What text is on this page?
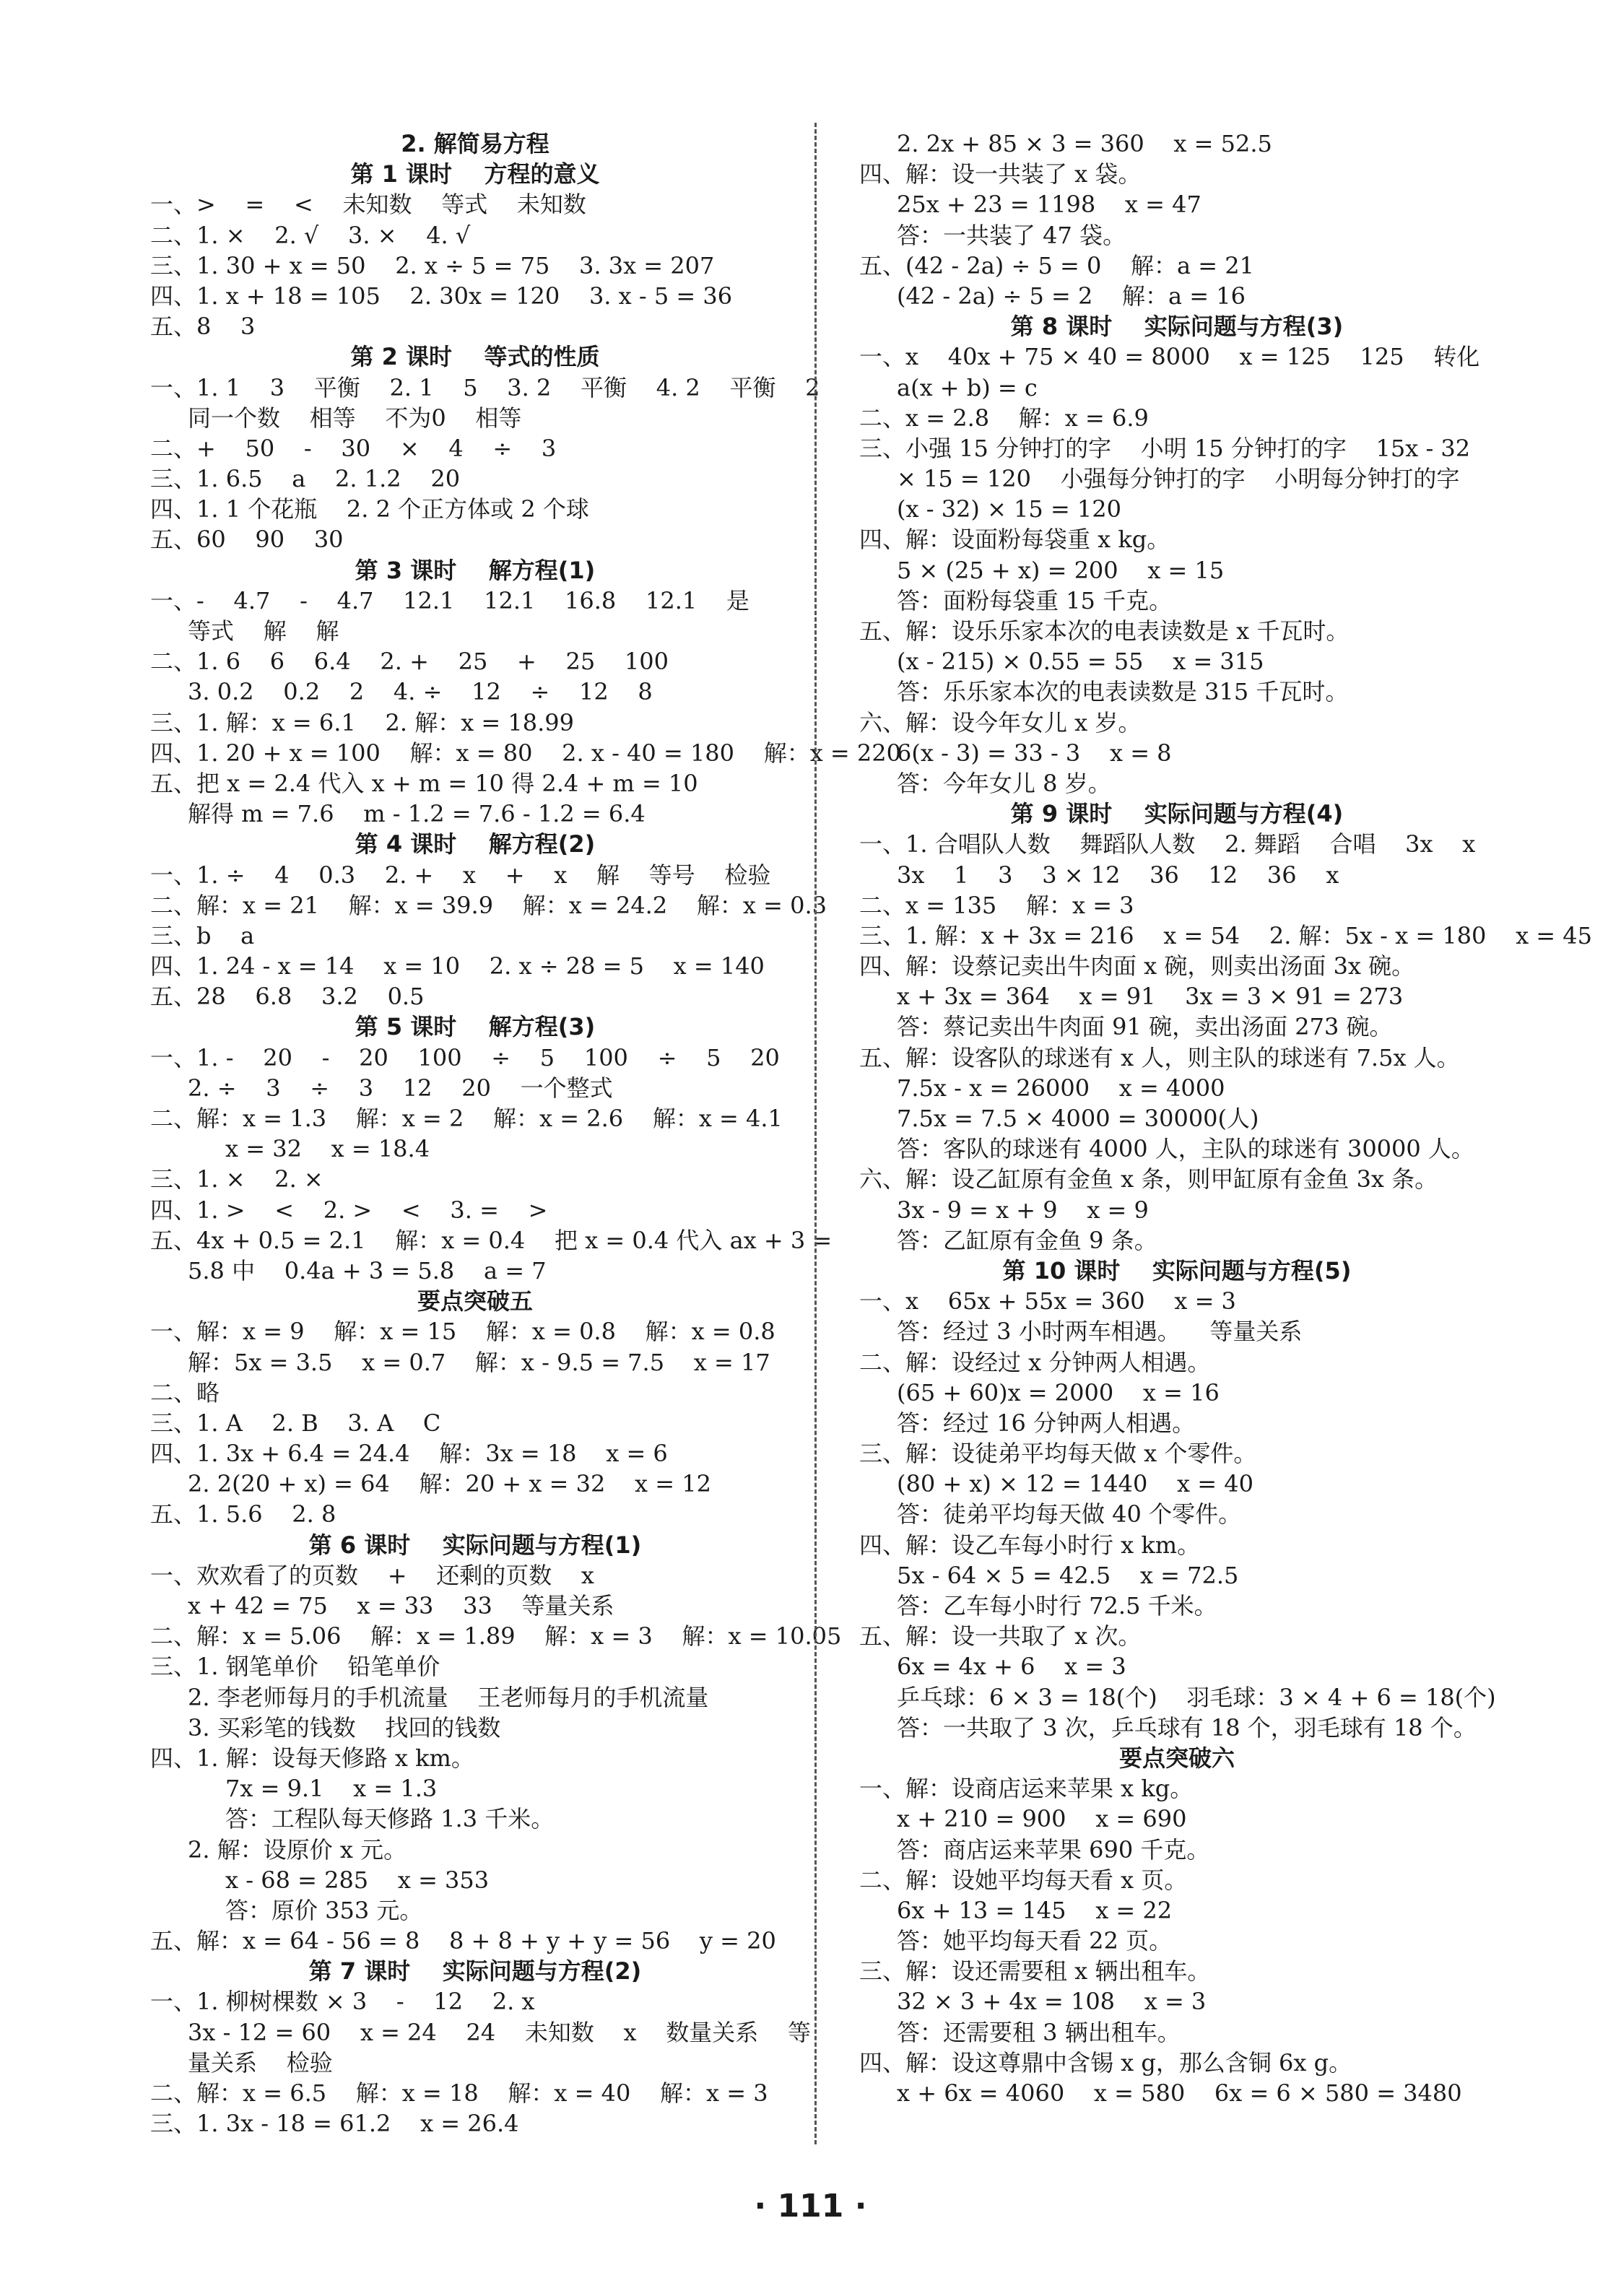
2. 解简易方程
第 1 课时    方程的意义
一、>    =    <    未知数    等式    未知数
二、1. ×    2. √    3. ×    4. √
三、1. 30 + x = 50    2. x ÷ 5 = 75    3. 3x = 207
四、1. x + 18 = 105    2. 30x = 120    3. x - 5 = 36
五、8    3
第 2 课时    等式的性质
一、1. 1    3    平衡    2. 1    5    3. 2    平衡    4. 2    平衡    2
同一个数    相等    不为0    相等
二、+    50    -    30    ×    4    ÷    3
三、1. 6.5    a    2. 1.2    20
四、1. 1 个花瓶    2. 2 个正方体或 2 个球
五、60    90    30
第 3 课时    解方程(1)
一、-    4.7    -    4.7    12.1    12.1    16.8    12.1    是
等式    解    解
二、1. 6    6    6.4    2. +    25    +    25    100
3. 0.2    0.2    2    4. ÷    12    ÷    12    8
三、1. 解：x = 6.1    2. 解：x = 18.99
四、1. 20 + x = 100    解：x = 80    2. x - 40 = 180    解：x = 220
五、把 x = 2.4 代入 x + m = 10 得 2.4 + m = 10
解得 m = 7.6    m - 1.2 = 7.6 - 1.2 = 6.4
第 4 课时    解方程(2)
一、1. ÷    4    0.3    2. +    x    +    x    解    等号    检验
二、解：x = 21    解：x = 39.9    解：x = 24.2    解：x = 0.3
三、b    a
四、1. 24 - x = 14    x = 10    2. x ÷ 28 = 5    x = 140
五、28    6.8    3.2    0.5
第 5 课时    解方程(3)
一、1. -    20    -    20    100    ÷    5    100    ÷    5    20
2. ÷    3    ÷    3    12    20    一个整式
二、解：x = 1.3    解：x = 2    解：x = 2.6    解：x = 4.1
x = 32    x = 18.4
三、1. ×    2. ×
四、1. >    <    2. >    <    3. =    >
五、4x + 0.5 = 2.1    解：x = 0.4    把 x = 0.4 代入 ax + 3 =
5.8 中    0.4a + 3 = 5.8    a = 7
要点突破五
一、解：x = 9    解：x = 15    解：x = 0.8    解：x = 0.8
解：5x = 3.5    x = 0.7    解：x - 9.5 = 7.5    x = 17
二、略
三、1. A    2. B    3. A    C
四、1. 3x + 6.4 = 24.4    解：3x = 18    x = 6
2. 2(20 + x) = 64    解：20 + x = 32    x = 12
五、1. 5.6    2. 8
第 6 课时    实际问题与方程(1)
一、欢欢看了的页数    +    还剩的页数    x
x + 42 = 75    x = 33    33    等量关系
二、解：x = 5.06    解：x = 1.89    解：x = 3    解：x = 10.05
三、1. 钢笔单价    铅笔单价
2. 李老师每月的手机流量    王老师每月的手机流量
3. 买彩笔的钱数    找回的钱数
四、1. 解：设每天修路 x km。
7x = 9.1    x = 1.3
答：工程队每天修路 1.3 千米。
2. 解：设原价 x 元。
x - 68 = 285    x = 353
答：原价 353 元。
五、解：x = 64 - 56 = 8    8 + 8 + y + y = 56    y = 20
第 7 课时    实际问题与方程(2)
一、1. 柳树棵数 × 3    -    12    2. x
3x - 12 = 60    x = 24    24    未知数    x    数量关系    等
量关系    检验
二、解：x = 6.5    解：x = 18    解：x = 40    解：x = 3
三、1. 3x - 18 = 61.2    x = 26.4
2. 2x + 85 × 3 = 360    x = 52.5
四、解：设一共装了 x 袋。
25x + 23 = 1198    x = 47
答：一共装了 47 袋。
五、(42 - 2a) ÷ 5 = 0    解：a = 21
(42 - 2a) ÷ 5 = 2    解：a = 16
第 8 课时    实际问题与方程(3)
一、x    40x + 75 × 40 = 8000    x = 125    125    转化
a(x + b) = c
二、x = 2.8    解：x = 6.9
三、小强 15 分钟打的字    小明 15 分钟打的字    15x - 32
× 15 = 120    小强每分钟打的字    小明每分钟打的字
(x - 32) × 15 = 120
四、解：设面粉每袋重 x kg。
5 × (25 + x) = 200    x = 15
答：面粉每袋重 15 千克。
五、解：设乐乐家本次的电表读数是 x 千瓦时。
(x - 215) × 0.55 = 55    x = 315
答：乐乐家本次的电表读数是 315 千瓦时。
六、解：设今年女儿 x 岁。
6(x - 3) = 33 - 3    x = 8
答：今年女儿 8 岁。
第 9 课时    实际问题与方程(4)
一、1. 合唱队人数    舞蹈队人数    2. 舞蹈    合唱    3x    x
3x    1    3    3 × 12    36    12    36    x
二、x = 135    解：x = 3
三、1. 解：x + 3x = 216    x = 54    2. 解：5x - x = 180    x = 45
四、解：设蔡记卖出牛肉面 x 碗，则卖出汤面 3x 碗。
x + 3x = 364    x = 91    3x = 3 × 91 = 273
答：蔡记卖出牛肉面 91 碗，卖出汤面 273 碗。
五、解：设客队的球迷有 x 人，则主队的球迷有 7.5x 人。
7.5x - x = 26000    x = 4000
7.5x = 7.5 × 4000 = 30000(人)
答：客队的球迷有 4000 人，主队的球迷有 30000 人。
六、解：设乙缸原有金鱼 x 条，则甲缸原有金鱼 3x 条。
3x - 9 = x + 9    x = 9
答：乙缸原有金鱼 9 条。
第 10 课时    实际问题与方程(5)
一、x    65x + 55x = 360    x = 3
答：经过 3 小时两车相遇。    等量关系
二、解：设经过 x 分钟两人相遇。
(65 + 60)x = 2000    x = 16
答：经过 16 分钟两人相遇。
三、解：设徒弟平均每天做 x 个零件。
(80 + x) × 12 = 1440    x = 40
答：徒弟平均每天做 40 个零件。
四、解：设乙车每小时行 x km。
5x - 64 × 5 = 42.5    x = 72.5
答：乙车每小时行 72.5 千米。
五、解：设一共取了 x 次。
6x = 4x + 6    x = 3
乒乓球：6 × 3 = 18(个)    羽毛球：3 × 4 + 6 = 18(个)
答：一共取了 3 次，乒乓球有 18 个，羽毛球有 18 个。
要点突破六
一、解：设商店运来苹果 x kg。
x + 210 = 900    x = 690
答：商店运来苹果 690 千克。
二、解：设她平均每天看 x 页。
6x + 13 = 145    x = 22
答：她平均每天看 22 页。
三、解：设还需要租 x 辆出租车。
32 × 3 + 4x = 108    x = 3
答：还需要租 3 辆出租车。
四、解：设这尊鼎中含锡 x g，那么含铜 6x g。
x + 6x = 4060    x = 580    6x = 6 × 580 = 3480
· 111 ·
